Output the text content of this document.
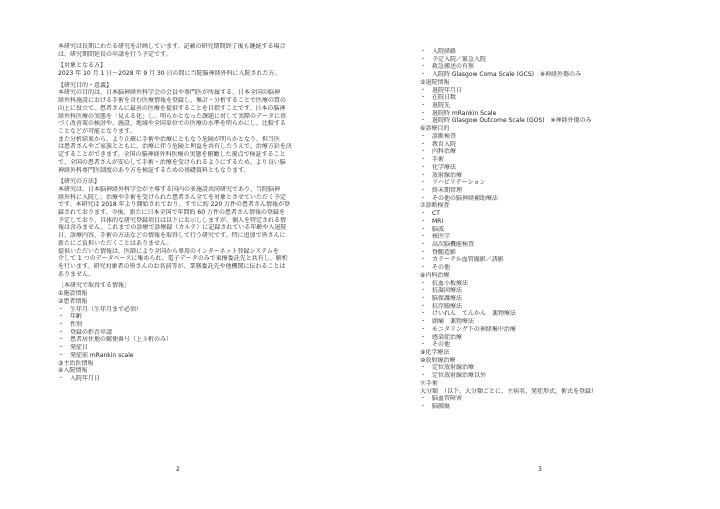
本研究は長期にわたる研究を計画しています。記載の研究期間終了後も継続する場合
は、研究期間延長の申請を行う予定です。
【対象となる方】
2023 年 10 月 1 日～2028 年 9 月 30 日の間に当院脳神経外科に入院された方。
【研究目的・意義】
本研究の目的は、日本脳神経外科学会の会員や専門医が所属する、日本全国の脳神
経外科施設における手術を含む医療情報を登録し、集計・分析することで医療の質の
向上に役立て、患者さんに最善の医療を提供することを目指すことです。日本の脳神
経外科医療の実態を「見える化」し、明らかとなった課題に対して実際のデータに基
づく改善策の検討や、施設、地域や全国単位での医療の水準を明らかにし、比較する
ことなどが可能となります。
また分析結果から、より正確に手術や治療にともなう危険が明らかとなり、担当医
は患者さんやご家族とともに、治療に伴う危険と利益を共有したうえで、治療方針を決
定することができます。全国の脳神経外科医療の実態を俯瞰した視点で検証すること
で、全国の患者さんが安心して手術・治療を受けられるようにするため、より良い脳
神経外科専門医制度のあり方を検証するための基礎資料ともなります。
【研究の方法】
本研究は、日本脳神経外科学会が主導する国内の多施設共同研究であり、当院脳神
経外科に入院し、治療や手術を受けられた患者さん全てを対象とさせていただく予定
です。本研究は 2018 年より開始されており、すでに約 220 万件の患者さん情報が登
録されております。今後、新たに日本全国で年間約 60 万件の患者さん情報の登録を
予定しており、具体的な研究登録項目は以下にお示ししますが、個人を特定される情
報は含みません。これまでの診療で診療録（カルテ）に記録されている年齢や入退院
日、診療内容、手術の方法などの情報を取得して行う研究です。特に追加で皆さんに
新たにご負担いただくことはありません。
提供いただいた情報は、医師により全国から専用のインターネット登録システムを
介して 1 つのデータベースに集められ、電子データのみで東療委託先と共有し、解析
を行います。研究対象者の皆さんのお名前等が、業務委託先や他機関に伝わることは
ありません。
［本研究で取得する情報］
①施設情報
②患者情報
・　生年月（生年月まで必須）
・　年齢
・　性別
・　登録の拒否申請
・　患者居住地の郵便番号（上３桁のみ）
・　発症日
・　発症前 mRankin scale
③主治医情報
④入院情報
・　入院年月日
2
・　入院経路
・　予定入院／緊急入院
・　救急搬送の有無
・　入院時 Glasgow Coma Scale (GCS)　※神経外傷のみ
⑤退院情報
・　退院年月日
・　在院日数
・　退院先
・　退院時 mRankin Scale
・　退院時 Glasgow Outcome Scale (GOS)　※神経外傷のみ
⑥診療目的
・　診断検査
・　教育入院
・　内科治療
・　手術
・　化学療法
・　放射線治療
・　リハビリテーション
・　終末期管理
・　その他の脳神経補助療法
⑦診断検査
・　CT
・　MRI
・　脳波
・　核医学
・　高次脳機能検査
・　脊髄造影
・　カテーテル血管撮影／誘影
・　その他
⑧内科治療
・　抗血小板療法
・　抗凝固療法
・　脳保護療法
・　抗浮腫療法
・　けいれん　てんかん　薬物療法
・　頭痛　薬物療法
・　モニタリング下の神経集中治療
・　感染症治療
・　その他
⑨化学療法
⑩放射線治療
・　定位放射線治療
・　定位放射線治療以外
⑪手術
大分類　（以下、大分類ごとに、主病名、発症形式、術式を登録）
・　脳血管障害
・　脳腫瘍
3
